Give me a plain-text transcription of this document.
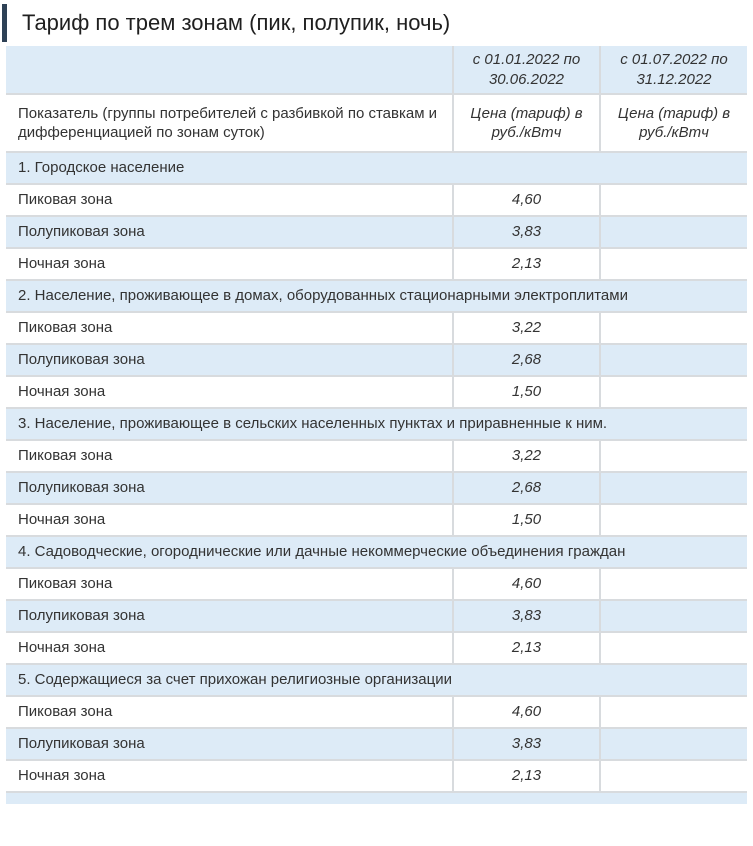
Тариф по трем зонам (пик, полупик, ночь)
	с 01.01.2022 по 30.06.2022	с 01.07.2022 по 31.12.2022
Показатель (группы потребителей с разбивкой по ставкам и дифференциацией по зонам суток)	Цена (тариф) в руб./кВтч	Цена (тариф) в руб./кВтч
1. Городское население		
Пиковая зона	4,60	
Полупиковая зона	3,83	
Ночная зона	2,13	
2. Население, проживающее в домах, оборудованных стационарными электроплитами		
Пиковая зона	3,22	
Полупиковая зона	2,68	
Ночная зона	1,50	
3. Население, проживающее в сельских населенных пунктах и приравненные к ним.		
Пиковая зона	3,22	
Полупиковая зона	2,68	
Ночная зона	1,50	
4. Садоводческие, огороднические или дачные некоммерческие объединения граждан		
Пиковая зона	4,60	
Полупиковая зона	3,83	
Ночная зона	2,13	
5. Содержащиеся за счет прихожан религиозные организации		
Пиковая зона	4,60	
Полупиковая зона	3,83	
Ночная зона	2,13	
